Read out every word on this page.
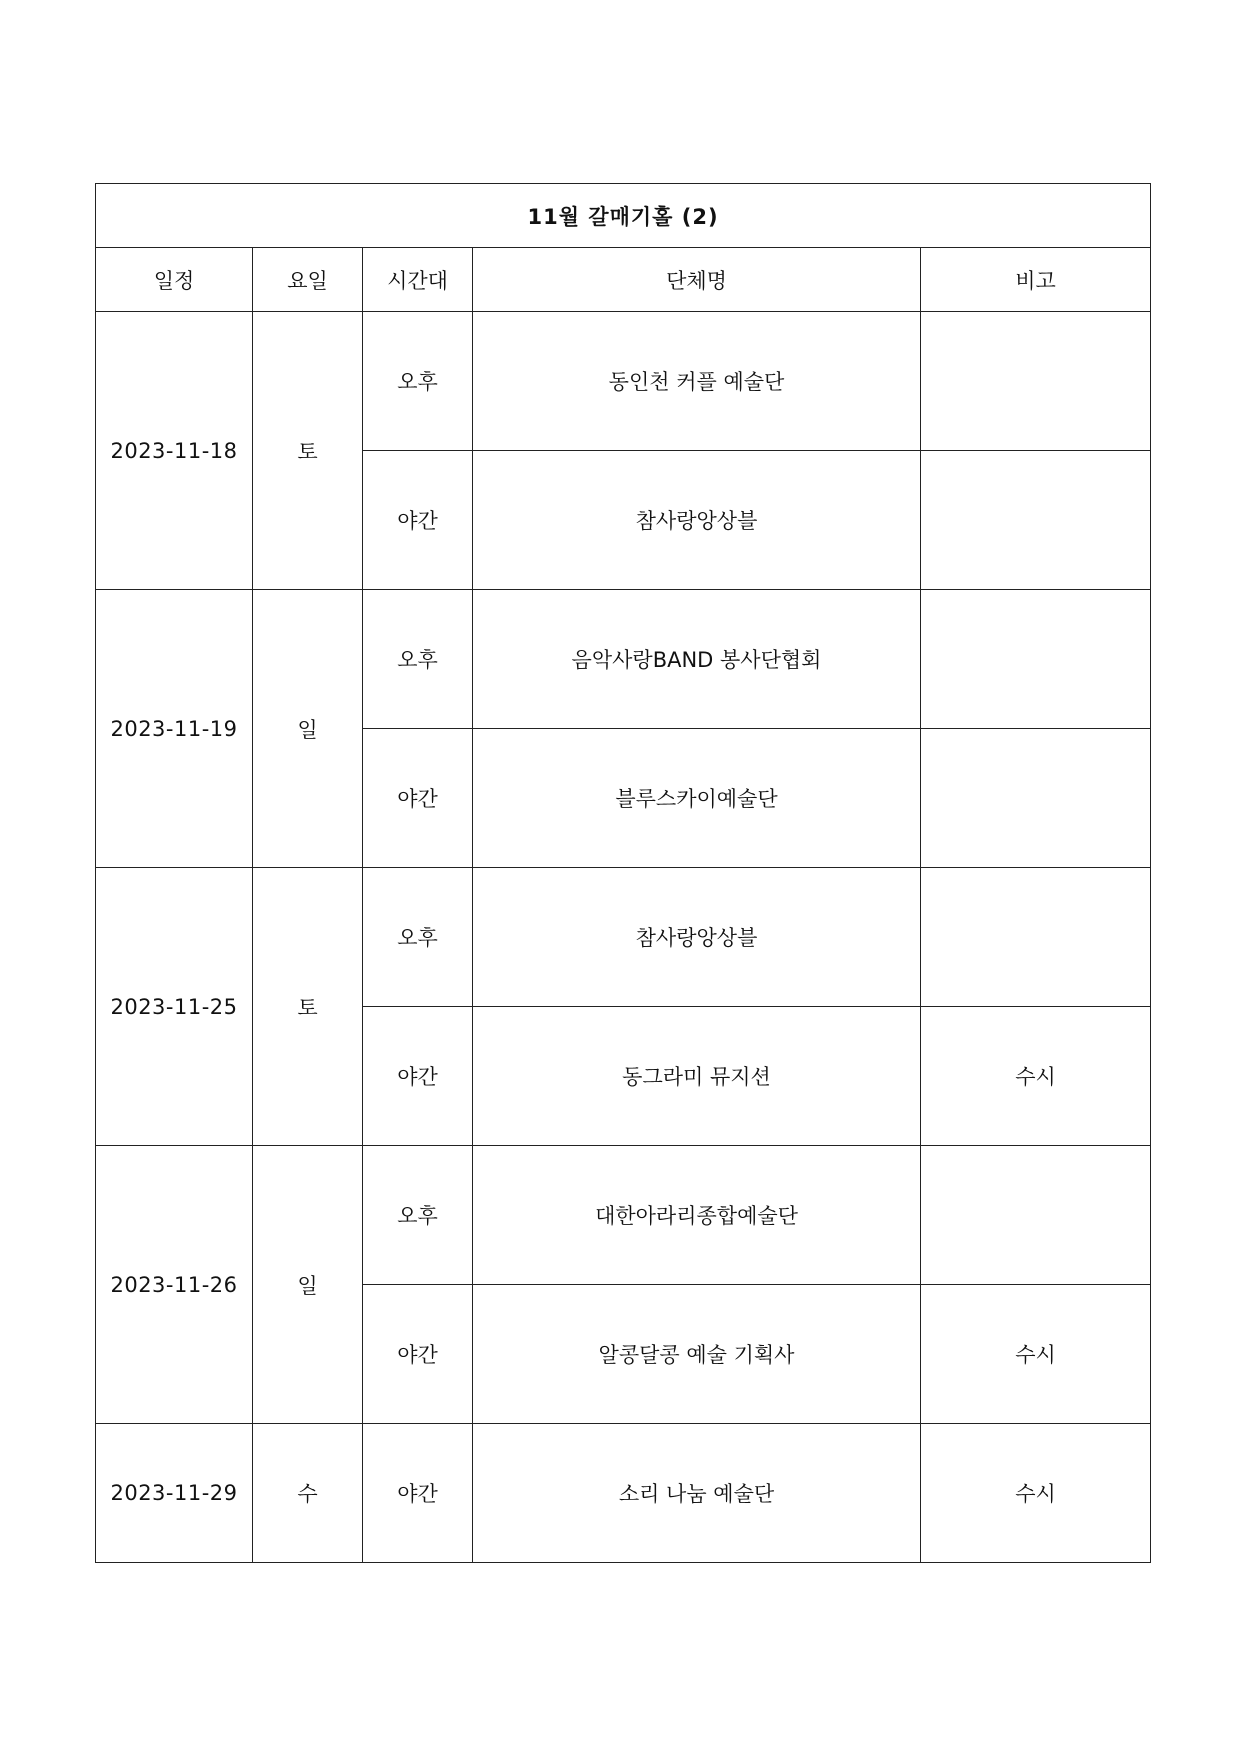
11월 갈매기홀 (2)				
일정	요일	시간대	단체명	비고
2023-11-18	토	오후	동인천 커플 예술단	
		야간	참사랑앙상블	
2023-11-19	일	오후	음악사랑BAND 봉사단협회	
		야간	블루스카이예술단	
2023-11-25	토	오후	참사랑앙상블	
		야간	동그라미 뮤지션	수시
2023-11-26	일	오후	대한아라리종합예술단	
		야간	알콩달콩 예술 기획사	수시
2023-11-29	수	야간	소리 나눔 예술단	수시
